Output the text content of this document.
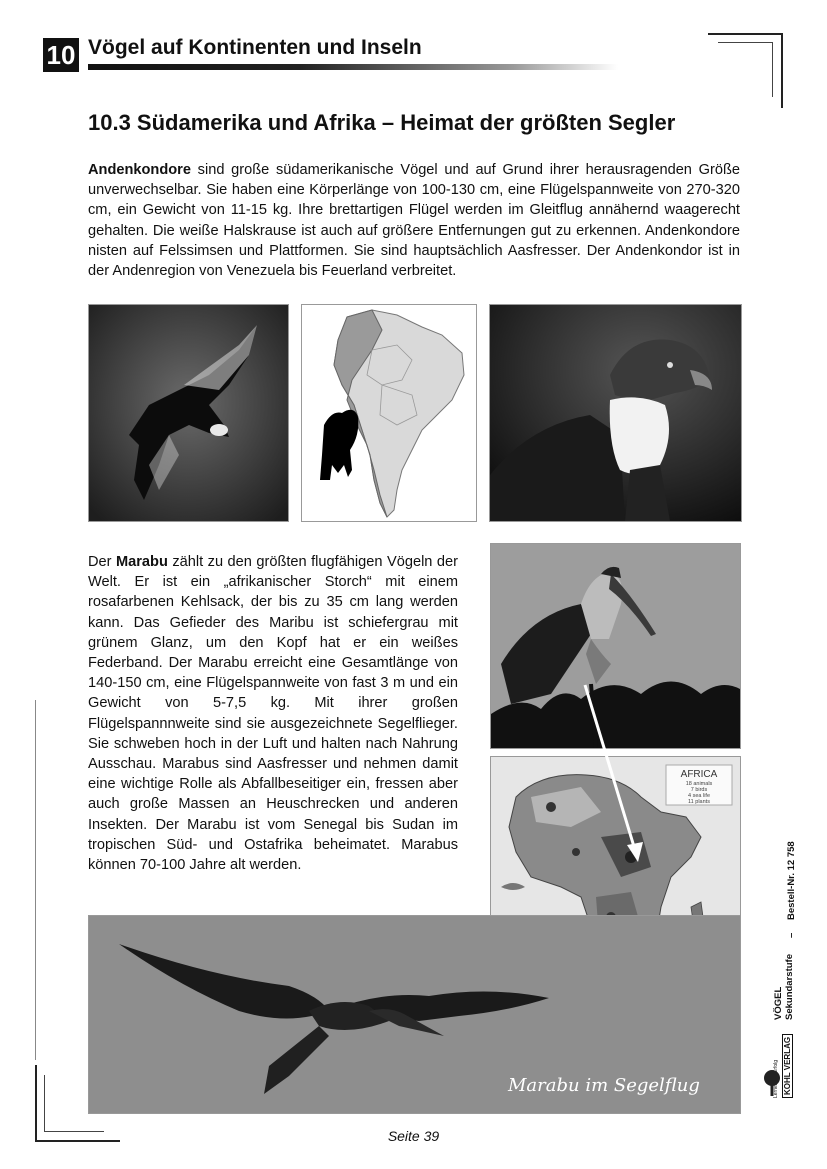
10 Vögel auf Kontinenten und Inseln
10.3 Südamerika und Afrika – Heimat der größten Segler
Andenkondore sind große südamerikanische Vögel und auf Grund ihrer herausragenden Größe unverwechselbar. Sie haben eine Körperlänge von 100-130 cm, eine Flügelspannweite von 270-320 cm, ein Gewicht von 11-15 kg. Ihre brettartigen Flügel werden im Gleitflug annähernd waagerecht gehalten. Die weiße Halskrause ist auch auf größere Entfernungen gut zu erkennen. Andenkondore nisten auf Felssimsen und Plattformen. Sie sind hauptsächlich Aasfresser. Der Andenkondor ist in der Andenregion von Venezuela bis Feuerland verbreitet.
Der Marabu zählt zu den größten flugfähigen Vögeln der Welt. Er ist ein „afrikanischer Storch“ mit einem rosafarbenen Kehlsack, der bis zu 35 cm lang werden kann. Das Gefieder des Maribu ist schiefergrau mit grünem Glanz, um den Kopf hat er ein weißes Federband. Der Marabu erreicht eine Gesamtlänge von 140-150 cm, eine Flügelspannweite von fast 3 m und ein Gewicht von 5-7,5 kg. Mit ihrer großen Flügelspannnweite sind sie ausgezeichnete Segelflieger. Sie schweben hoch in der Luft und halten nach Nahrung Ausschau. Marabus sind Aasfresser und nehmen damit eine wichtige Rolle als Abfallbeseitiger ein, fressen aber auch große Massen an Heuschrecken und anderen Insekten. Der Marabu ist vom Senegal bis Sudan im tropischen Süd- und Ostafrika beheimatet. Marabus können 70-100 Jahre alt werden.
AFRICA
18 animals
7 birds
4 sea life
11 plants
Marabu im Segelflug
Seite 39
VÖGEL Sekundarstufe
–
Bestell-Nr. 12 758
KOHL VERLAG
